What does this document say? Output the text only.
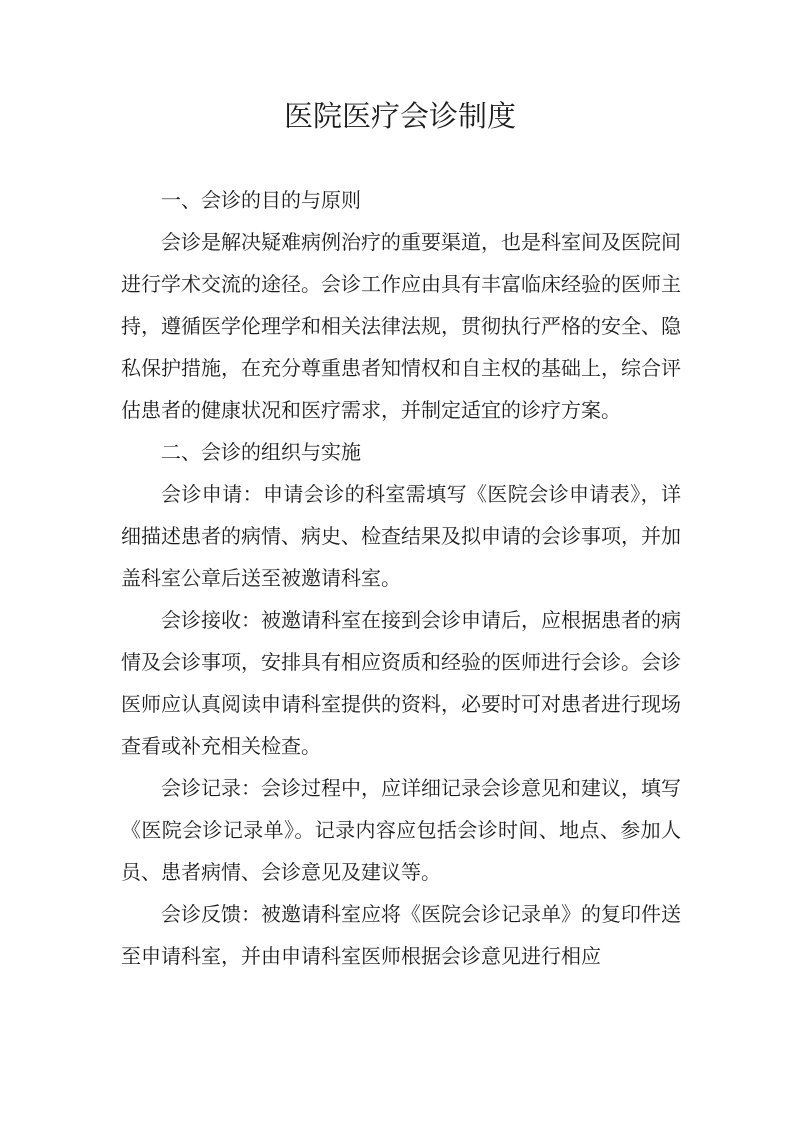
医院医疗会诊制度

一、会诊的目的与原则

会诊是解决疑难病例治疗的重要渠道，也是科室间及医院间进行学术交流的途径。会诊工作应由具有丰富临床经验的医师主持，遵循医学伦理学和相关法律法规，贯彻执行严格的安全、隐私保护措施，在充分尊重患者知情权和自主权的基础上，综合评估患者的健康状况和医疗需求，并制定适宜的诊疗方案。

二、会诊的组织与实施

会诊申请：申请会诊的科室需填写《医院会诊申请表》，详细描述患者的病情、病史、检查结果及拟申请的会诊事项，并加盖科室公章后送至被邀请科室。

会诊接收：被邀请科室在接到会诊申请后，应根据患者的病情及会诊事项，安排具有相应资质和经验的医师进行会诊。会诊医师应认真阅读申请科室提供的资料，必要时可对患者进行现场查看或补充相关检查。

会诊记录：会诊过程中，应详细记录会诊意见和建议，填写《医院会诊记录单》。记录内容应包括会诊时间、地点、参加人员、患者病情、会诊意见及建议等。

会诊反馈：被邀请科室应将《医院会诊记录单》的复印件送至申请科室，并由申请科室医师根据会诊意见进行相应
